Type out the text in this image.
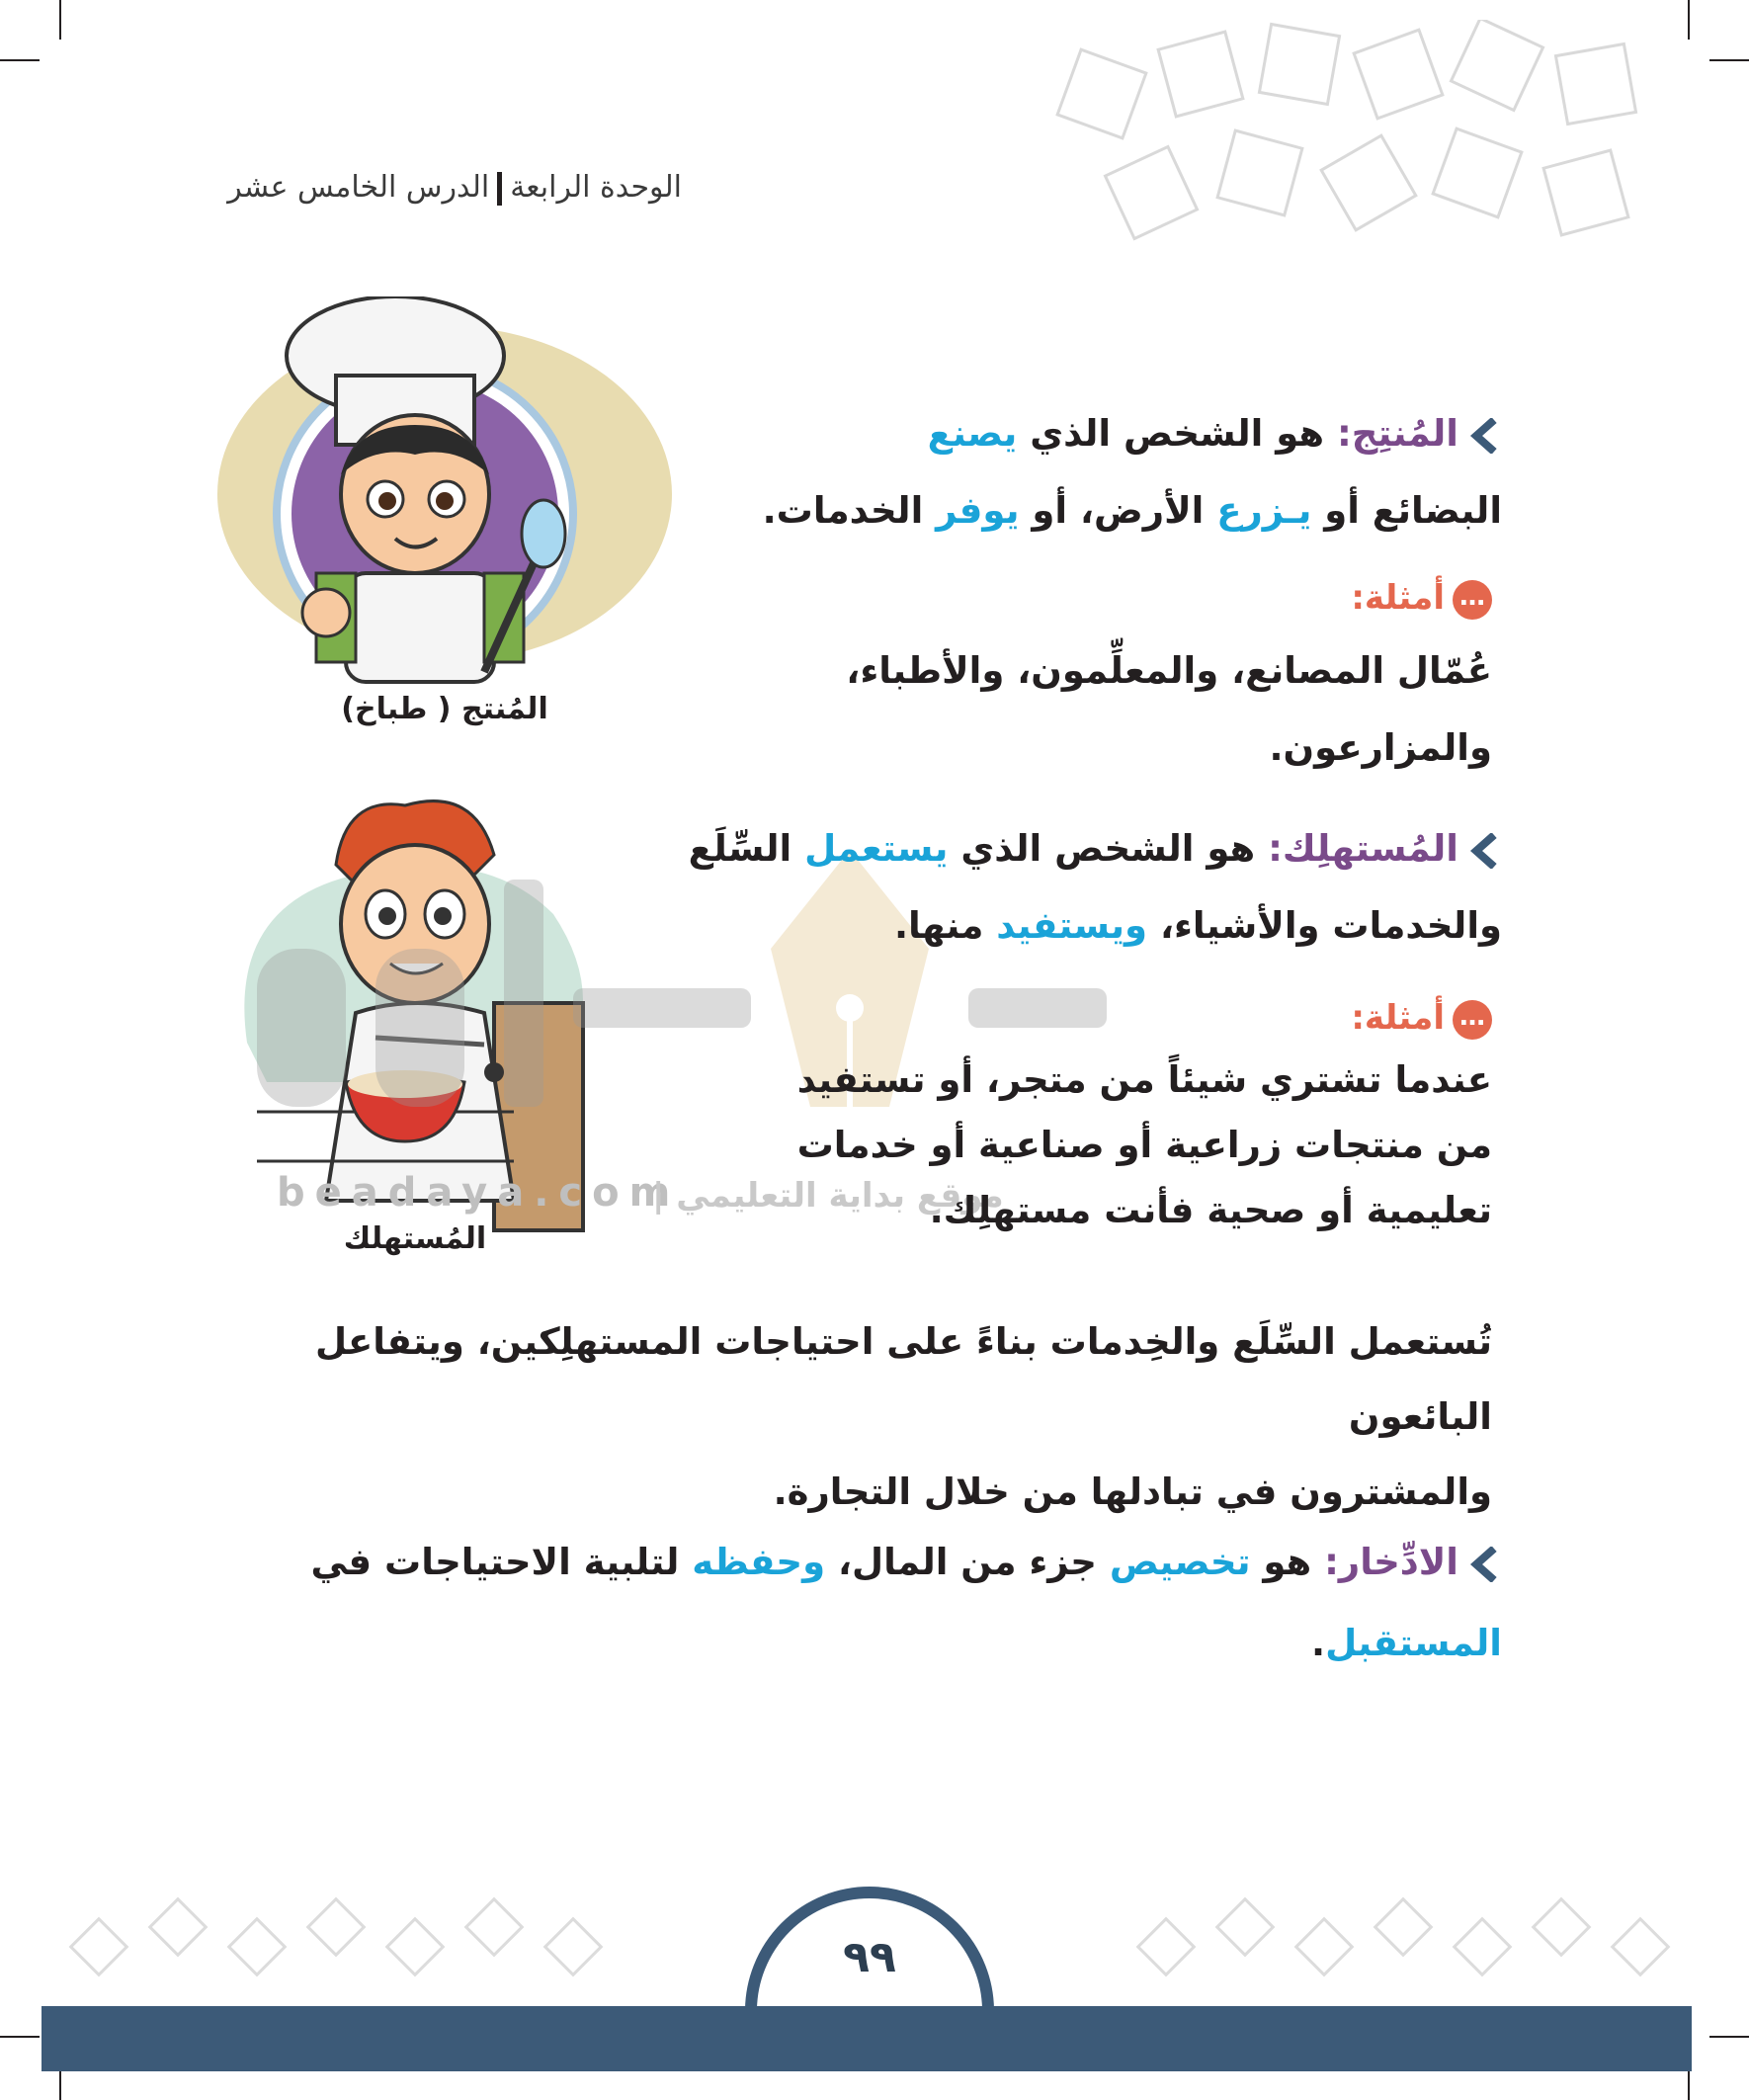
الوحدة الرابعةالدرس الخامس عشر
المُنتج ( طباخ)
المُنتِج: هو الشخص الذي يصنع
البضائع أو يـزرع الأرض، أو يوفر الخدمات.
…أمثلة:
عُمّال المصانع، والمعلِّمون، والأطباء، والمزارعون.
beadaya.com
موقع بداية التعليمي |
المُستهلك
المُستهلِك: هو الشخص الذي يستعمل السِّلَع والخدمات والأشياء، ويستفيد منها.
…أمثلة:
عندما تشتري شيئاً من متجر، أو تستفيد
من منتجات زراعية أو صناعية أو خدمات
تعليمية أو صحية فأنت مستهلِك.
تُستعمل السِّلَع والخِدمات بناءً على احتياجات المستهلِكين، ويتفاعل البائعون
والمشترون في تبادلها من خلال التجارة.
الادِّخار: هو تخصيص جزء من المال، وحفظه لتلبية الاحتياجات في المستقبل.
٩٩
